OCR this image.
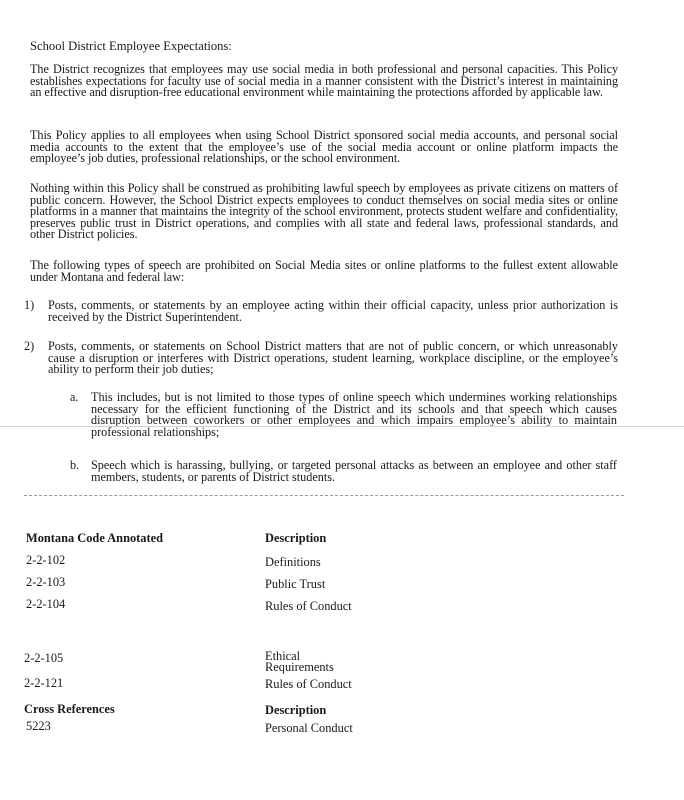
School District Employee Expectations:

The District recognizes that employees may use social media in both professional and personal capacities. This Policy establishes expectations for faculty use of social media in a manner consistent with the District’s interest in maintaining an effective and disruption-free educational environment while maintaining the protections afforded by applicable law.

This Policy applies to all employees when using School District sponsored social media accounts, and personal social media accounts to the extent that the employee’s use of the social media account or online platform impacts the employee’s job duties, professional relationships, or the school environment.

Nothing within this Policy shall be construed as prohibiting lawful speech by employees as private citizens on matters of public concern. However, the School District expects employees to conduct themselves on social media sites or online platforms in a manner that maintains the integrity of the school environment, protects student welfare and confidentiality, preserves public trust in District operations, and complies with all state and federal laws, professional standards, and other District policies.

The following types of speech are prohibited on Social Media sites or online platforms to the fullest extent allowable under Montana and federal law:

1) Posts, comments, or statements by an employee acting within their official capacity, unless prior authorization is received by the District Superintendent.
2) Posts, comments, or statements on School District matters that are not of public concern, or which unreasonably cause a disruption or interferes with District operations, student learning, workplace discipline, or the employee’s ability to perform their job duties;
a. This includes, but is not limited to those types of online speech which undermines working relationships necessary for the efficient functioning of the District and its schools and that speech which causes disruption between coworkers or other employees and which impairs employee’s ability to maintain professional relationships;
b. Speech which is harassing, bullying, or targeted personal attacks as between an employee and other staff members, students, or parents of District students.
Montana Code Annotated	Description
2-2-102	Definitions
2-2-103	Public Trust
2-2-104	Rules of Conduct
2-2-105	Ethical Requirements
2-2-121	Rules of Conduct
Cross References	Description
5223	Personal Conduct
